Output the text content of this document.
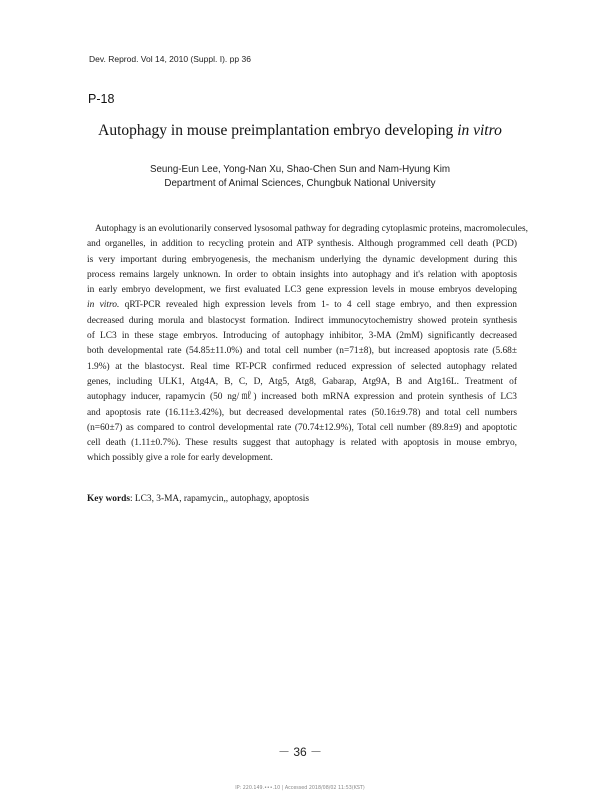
Dev. Reprod. Vol 14, 2010 (Suppl. I). pp 36
P-18
Autophagy in mouse preimplantation embryo developing in vitro
Seung-Eun Lee, Yong-Nan Xu, Shao-Chen Sun and Nam-Hyung Kim
Department of Animal Sciences, Chungbuk National University
Autophagy is an evolutionarily conserved lysosomal pathway for degrading cytoplasmic proteins, macromolecules,
and organelles, in addition to recycling protein and ATP synthesis. Although programmed cell death (PCD)
is very important during embryogenesis, the mechanism underlying the dynamic development during this
process remains largely unknown. In order to obtain insights into autophagy and it's relation with apoptosis
in early embryo development, we first evaluated LC3 gene expression levels in mouse embryos developing
in vitro. qRT-PCR revealed high expression levels from 1- to 4 cell stage embryo, and then expression
decreased during morula and blastocyst formation. Indirect immunocytochemistry showed protein synthesis
of LC3 in these stage embryos. Introducing of autophagy inhibitor, 3-MA (2mM) significantly decreased
both developmental rate (54.85±11.0%) and total cell number (n=71±8), but increased apoptosis rate (5.68±
1.9%) at the blastocyst. Real time RT-PCR confirmed reduced expression of selected autophagy related
genes, including ULK1, Atg4A, B, C, D, Atg5, Atg8, Gabarap, Atg9A, B and Atg16L. Treatment of
autophagy inducer, rapamycin (50 ng/㎖) increased both mRNA expression and protein synthesis of LC3
and apoptosis rate (16.11±3.42%), but decreased developmental rates (50.16±9.78) and total cell numbers
(n=60±7) as compared to control developmental rate (70.74±12.9%), Total cell number (89.8±9) and apoptotic
cell death (1.11±0.7%). These results suggest that autophagy is related with apoptosis in mouse embryo,
which possibly give a role for early development.
Key words: LC3, 3-MA, rapamycin,, autophagy, apoptosis
－ 36 －
IP: 220.149.•••.10 | Accessed 2018/08/02 11:53(KST)
